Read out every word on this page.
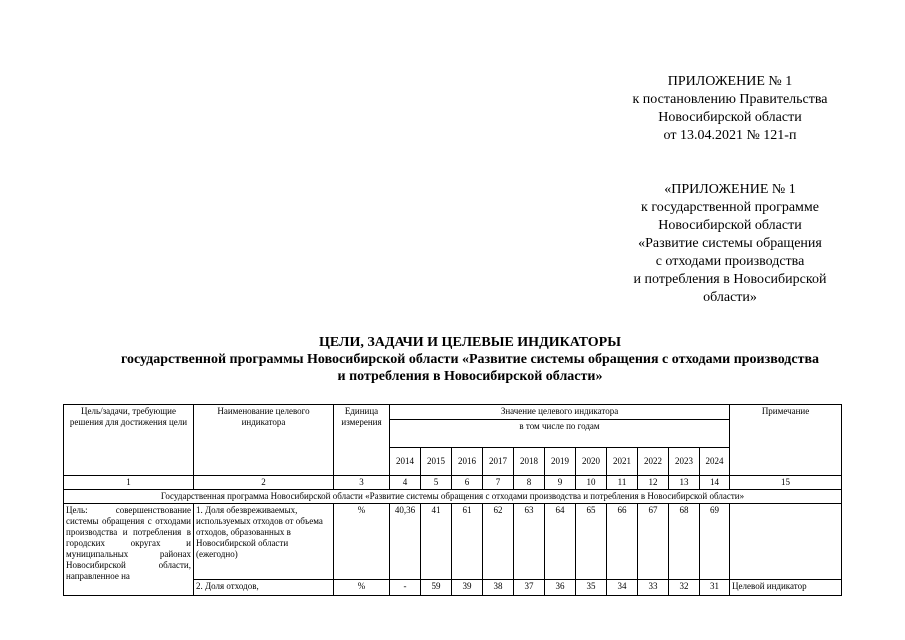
ПРИЛОЖЕНИЕ № 1
к постановлению Правительства
Новосибирской области
от 13.04.2021 № 121-п
«ПРИЛОЖЕНИЕ № 1
к государственной программе
Новосибирской области
«Развитие системы обращения
с отходами производства
и потребления в Новосибирской
области»
ЦЕЛИ, ЗАДАЧИ И ЦЕЛЕВЫЕ ИНДИКАТОРЫ
государственной программы Новосибирской области «Развитие системы обращения с отходами производства
и потребления в Новосибирской области»
Цель/задачи, требующие решения для достижения цели	Наименование целевого индикатора	Единица измерения	Значение целевого индикатора											Примечание
			в том числе по годам											
			2014	2015	2016	2017	2018	2019	2020	2021	2022	2023	2024	
1	2	3	4	5	6	7	8	9	10	11	12	13	14	15
Государственная программа Новосибирской области «Развитие системы обращения с отходами производства и потребления в Новосибирской области»														
Цель: совершенствование системы обращения с отходами производства и потребления в городских округах и муниципальных районах Новосибирской области, направленное на	1. Доля обезвреживаемых, используемых отходов от объема отходов, образованных в Новосибирской области (ежегодно)	%	40,36	41	61	62	63	64	65	66	67	68	69	
	2. Доля отходов,	%	-	59	39	38	37	36	35	34	33	32	31	Целевой индикатор
